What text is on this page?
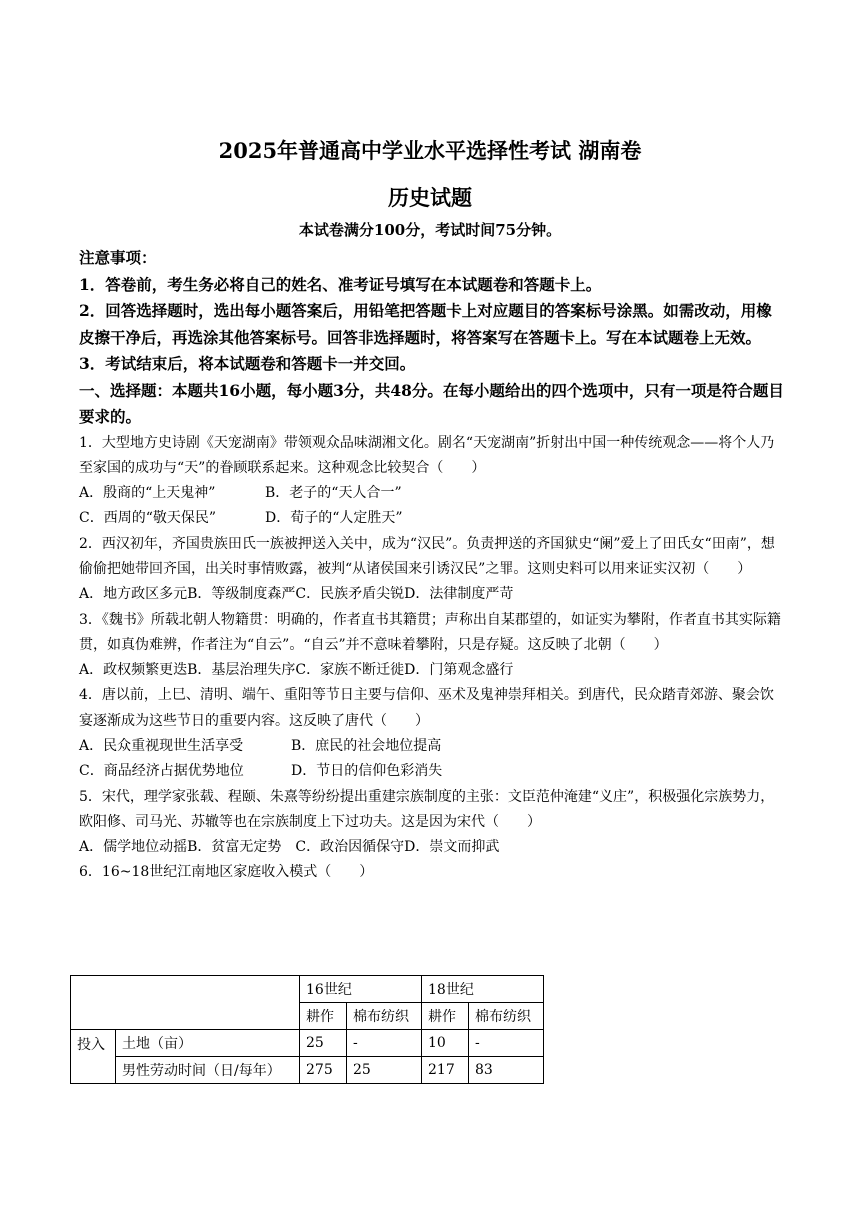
2025年普通高中学业水平选择性考试 湖南卷
历史试题
本试卷满分100分，考试时间75分钟。
注意事项：
1．答卷前，考生务必将自己的姓名、准考证号填写在本试题卷和答题卡上。
2．回答选择题时，选出每小题答案后，用铅笔把答题卡上对应题目的答案标号涂黑。如需改动，用橡皮擦干净后，再选涂其他答案标号。回答非选择题时，将答案写在答题卡上。写在本试题卷上无效。
3．考试结束后，将本试题卷和答题卡一并交回。
一、选择题：本题共16小题，每小题3分，共48分。在每小题给出的四个选项中，只有一项是符合题目要求的。
1．大型地方史诗剧《天宠湖南》带领观众品味湖湘文化。剧名“天宠湖南”折射出中国一种传统观念——将个人乃至家国的成功与“天”的眷顾联系起来。这种观念比较契合（　　）
A．殷商的“上天鬼神”	B．老子的“天人合一”
C．西周的“敬天保民”	D．荀子的“人定胜天”
2．西汉初年，齐国贵族田氏一族被押送入关中，成为“汉民”。负责押送的齐国狱史“阑”爱上了田氏女“田南”，想偷偷把她带回齐国，出关时事情败露，被判“从诸侯国来引诱汉民”之罪。这则史料可以用来证实汉初（　　）
A．地方政区多元B．等级制度森严C．民族矛盾尖锐D．法律制度严苛
3．《魏书》所载北朝人物籍贯：明确的，作者直书其籍贯；声称出自某郡望的，如证实为攀附，作者直书其实际籍贯，如真伪难辨，作者注为“自云”。“自云”并不意味着攀附，只是存疑。这反映了北朝（　　）
A．政权频繁更迭B．基层治理失序C．家族不断迁徙D．门第观念盛行
4．唐以前，上巳、清明、端午、重阳等节日主要与信仰、巫术及鬼神崇拜相关。到唐代，民众踏青郊游、聚会饮宴逐渐成为这些节日的重要内容。这反映了唐代（　　）
A．民众重视现世生活享受	B．庶民的社会地位提高
C．商品经济占据优势地位	D．节日的信仰色彩消失
5．宋代，理学家张载、程颐、朱熹等纷纷提出重建宗族制度的主张：文臣范仲淹建“义庄”，积极强化宗族势力，欧阳修、司马光、苏辙等也在宗族制度上下过功夫。这是因为宋代（　　）
A．儒学地位动摇B．贫富无定势　 C．政治因循保守D．崇文而抑武
6．16~18世纪江南地区家庭收入模式（　　）
		16世纪		18世纪	
		耕作	棉布纺织	耕作	棉布纺织
投入	土地（亩）	25	-	10	-
	男性劳动时间（日/每年）	275	25	217	83
